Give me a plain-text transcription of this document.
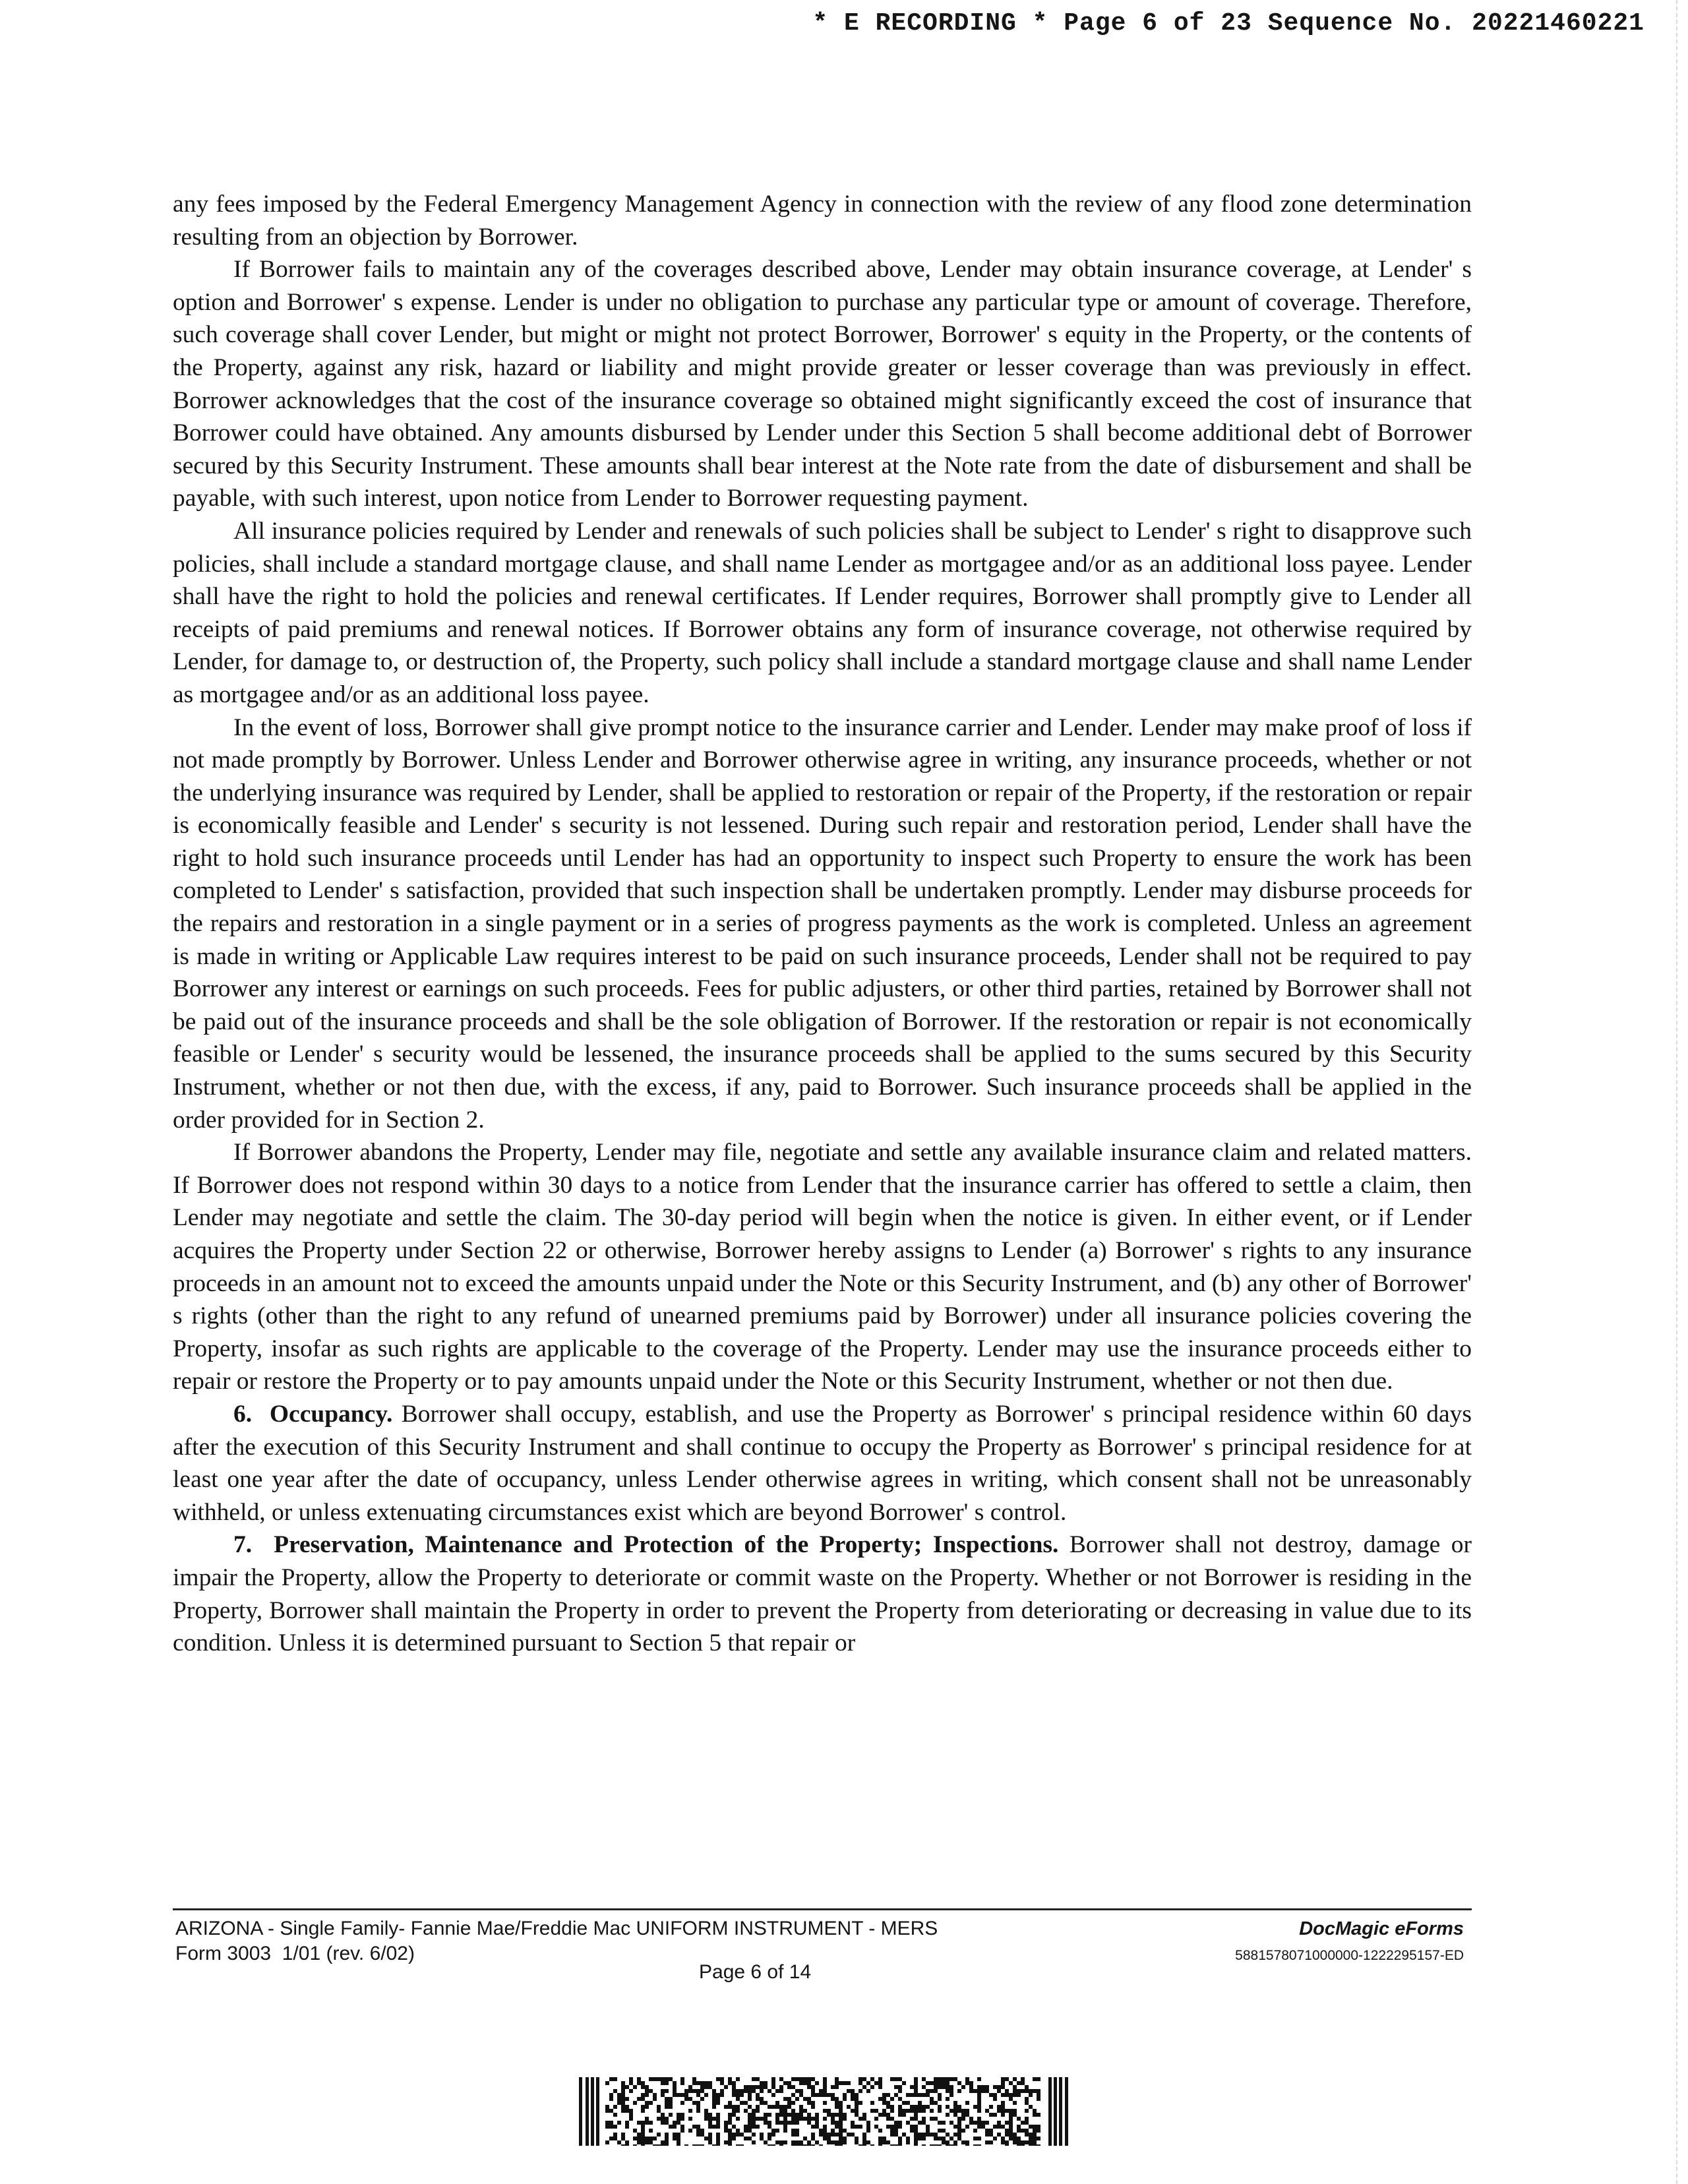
* E RECORDING * Page 6 of 23 Sequence No. 20221460221

any fees imposed by the Federal Emergency Management Agency in connection with the review of any flood zone determination resulting from an objection by Borrower.

If Borrower fails to maintain any of the coverages described above, Lender may obtain insurance coverage, at Lender' s option and Borrower' s expense. Lender is under no obligation to purchase any particular type or amount of coverage. Therefore, such coverage shall cover Lender, but might or might not protect Borrower, Borrower' s equity in the Property, or the contents of the Property, against any risk, hazard or liability and might provide greater or lesser coverage than was previously in effect. Borrower acknowledges that the cost of the insurance coverage so obtained might significantly exceed the cost of insurance that Borrower could have obtained. Any amounts disbursed by Lender under this Section 5 shall become additional debt of Borrower secured by this Security Instrument. These amounts shall bear interest at the Note rate from the date of disbursement and shall be payable, with such interest, upon notice from Lender to Borrower requesting payment.

All insurance policies required by Lender and renewals of such policies shall be subject to Lender' s right to disapprove such policies, shall include a standard mortgage clause, and shall name Lender as mortgagee and/or as an additional loss payee. Lender shall have the right to hold the policies and renewal certificates. If Lender requires, Borrower shall promptly give to Lender all receipts of paid premiums and renewal notices. If Borrower obtains any form of insurance coverage, not otherwise required by Lender, for damage to, or destruction of, the Property, such policy shall include a standard mortgage clause and shall name Lender as mortgagee and/or as an additional loss payee.

In the event of loss, Borrower shall give prompt notice to the insurance carrier and Lender. Lender may make proof of loss if not made promptly by Borrower. Unless Lender and Borrower otherwise agree in writing, any insurance proceeds, whether or not the underlying insurance was required by Lender, shall be applied to restoration or repair of the Property, if the restoration or repair is economically feasible and Lender' s security is not lessened. During such repair and restoration period, Lender shall have the right to hold such insurance proceeds until Lender has had an opportunity to inspect such Property to ensure the work has been completed to Lender' s satisfaction, provided that such inspection shall be undertaken promptly. Lender may disburse proceeds for the repairs and restoration in a single payment or in a series of progress payments as the work is completed. Unless an agreement is made in writing or Applicable Law requires interest to be paid on such insurance proceeds, Lender shall not be required to pay Borrower any interest or earnings on such proceeds. Fees for public adjusters, or other third parties, retained by Borrower shall not be paid out of the insurance proceeds and shall be the sole obligation of Borrower. If the restoration or repair is not economically feasible or Lender' s security would be lessened, the insurance proceeds shall be applied to the sums secured by this Security Instrument, whether or not then due, with the excess, if any, paid to Borrower. Such insurance proceeds shall be applied in the order provided for in Section 2.

If Borrower abandons the Property, Lender may file, negotiate and settle any available insurance claim and related matters. If Borrower does not respond within 30 days to a notice from Lender that the insurance carrier has offered to settle a claim, then Lender may negotiate and settle the claim. The 30-day period will begin when the notice is given. In either event, or if Lender acquires the Property under Section 22 or otherwise, Borrower hereby assigns to Lender (a) Borrower' s rights to any insurance proceeds in an amount not to exceed the amounts unpaid under the Note or this Security Instrument, and (b) any other of Borrower' s rights (other than the right to any refund of unearned premiums paid by Borrower) under all insurance policies covering the Property, insofar as such rights are applicable to the coverage of the Property. Lender may use the insurance proceeds either to repair or restore the Property or to pay amounts unpaid under the Note or this Security Instrument, whether or not then due.

6. Occupancy. Borrower shall occupy, establish, and use the Property as Borrower' s principal residence within 60 days after the execution of this Security Instrument and shall continue to occupy the Property as Borrower' s principal residence for at least one year after the date of occupancy, unless Lender otherwise agrees in writing, which consent shall not be unreasonably withheld, or unless extenuating circumstances exist which are beyond Borrower' s control.

7. Preservation, Maintenance and Protection of the Property; Inspections. Borrower shall not destroy, damage or impair the Property, allow the Property to deteriorate or commit waste on the Property. Whether or not Borrower is residing in the Property, Borrower shall maintain the Property in order to prevent the Property from deteriorating or decreasing in value due to its condition. Unless it is determined pursuant to Section 5 that repair or

ARIZONA - Single Family- Fannie Mae/Freddie Mac UNIFORM INSTRUMENT - MERS
Form 3003  1/01 (rev. 6/02)
Page 6 of 14
DocMagic eForms
5881578071000000-1222295157-ED
